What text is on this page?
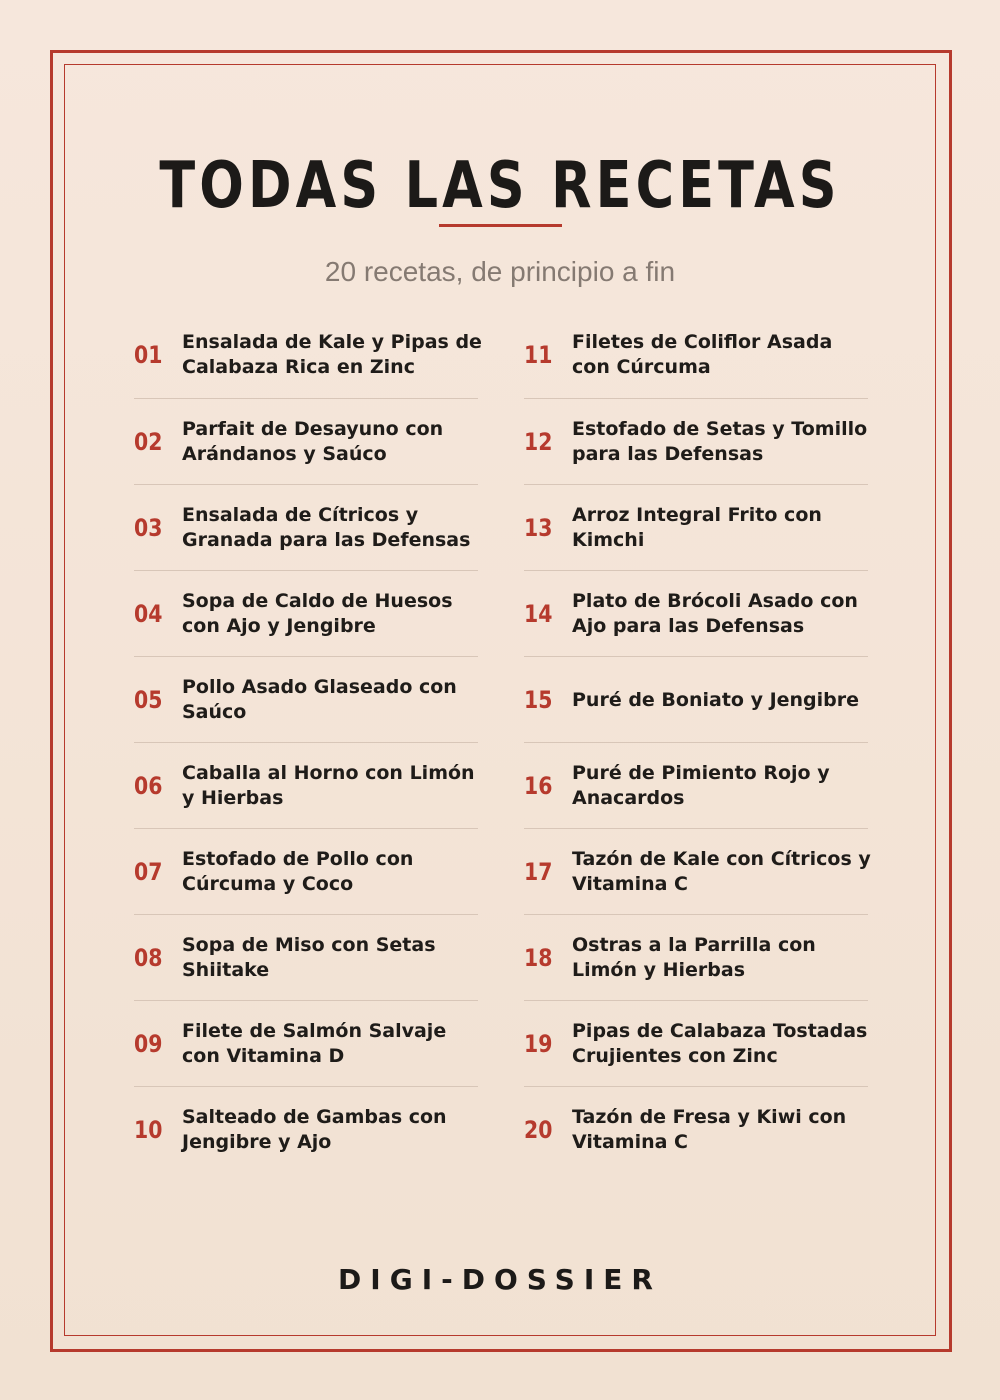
TODAS LAS RECETAS

20 recetas, de principio a fin

01 Ensalada de Kale y Pipas de Calabaza Rica en Zinc
02 Parfait de Desayuno con Arándanos y Saúco
03 Ensalada de Cítricos y Granada para las Defensas
04 Sopa de Caldo de Huesos con Ajo y Jengibre
05 Pollo Asado Glaseado con Saúco
06 Caballa al Horno con Limón y Hierbas
07 Estofado de Pollo con Cúrcuma y Coco
08 Sopa de Miso con Setas Shiitake
09 Filete de Salmón Salvaje con Vitamina D
10 Salteado de Gambas con Jengibre y Ajo
11 Filetes de Coliflor Asada con Cúrcuma
12 Estofado de Setas y Tomillo para las Defensas
13 Arroz Integral Frito con Kimchi
14 Plato de Brócoli Asado con Ajo para las Defensas
15 Puré de Boniato y Jengibre
16 Puré de Pimiento Rojo y Anacardos
17 Tazón de Kale con Cítricos y Vitamina C
18 Ostras a la Parrilla con Limón y Hierbas
19 Pipas de Calabaza Tostadas Crujientes con Zinc
20 Tazón de Fresa y Kiwi con Vitamina C

DIGI-DOSSIER
